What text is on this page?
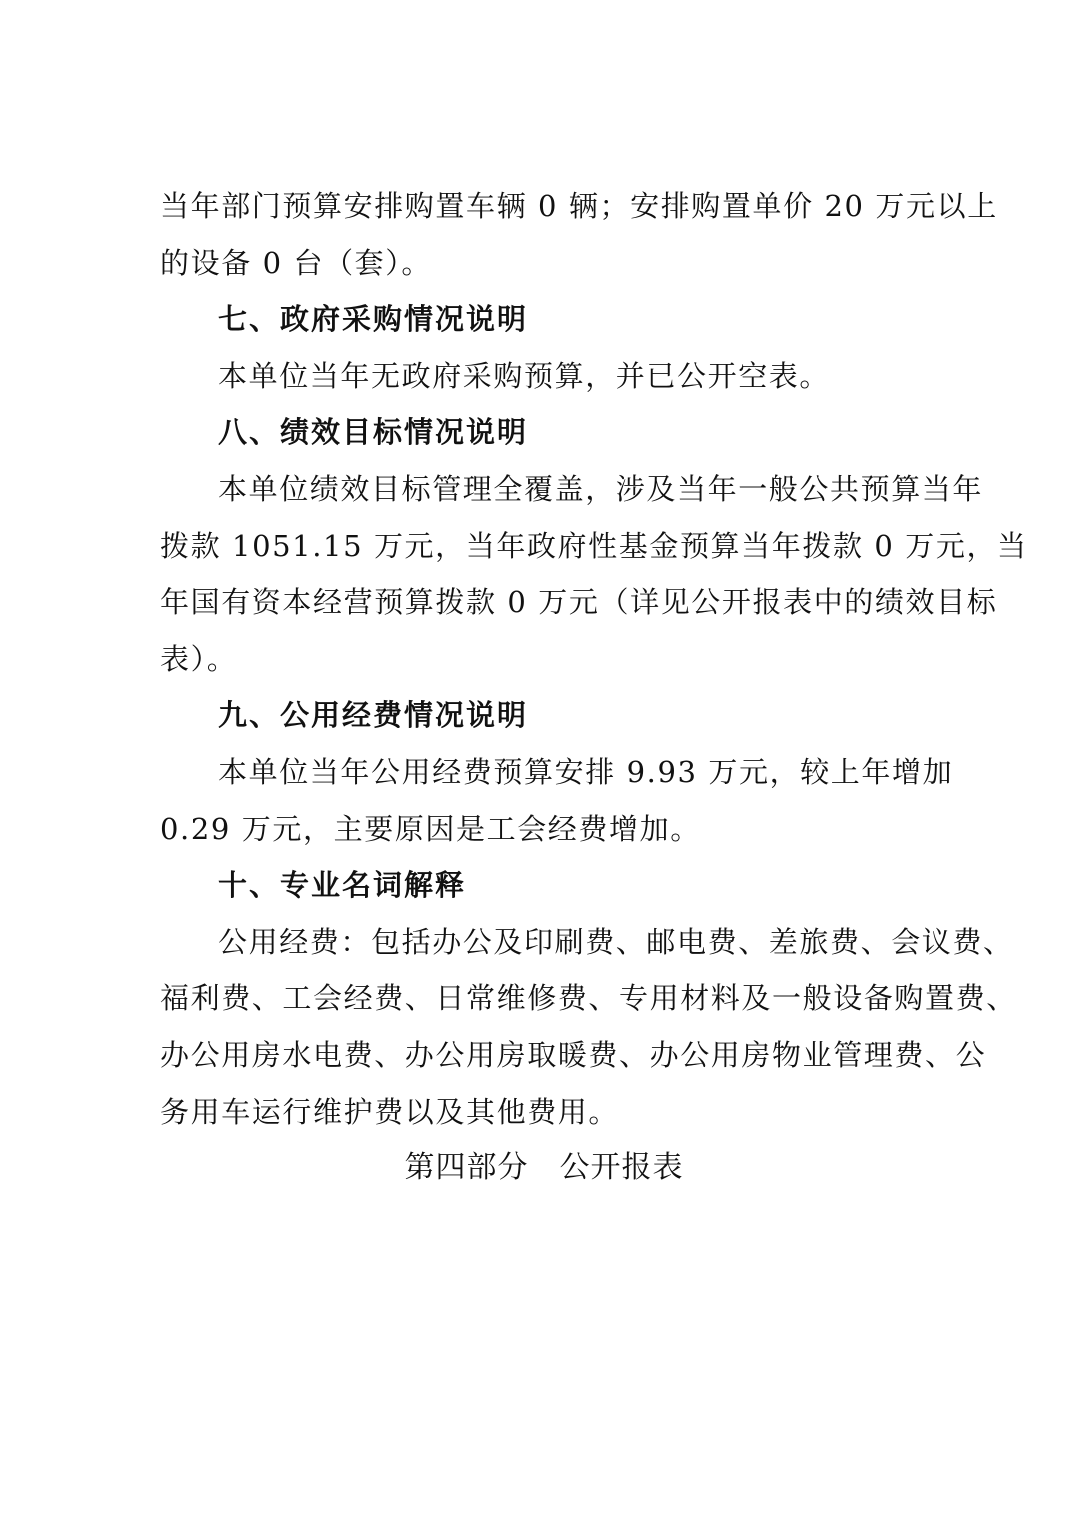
当年部门预算安排购置车辆 0 辆；安排购置单价 20 万元以上
的设备 0 台（套）。
七、政府采购情况说明
本单位当年无政府采购预算，并已公开空表。
八、绩效目标情况说明
本单位绩效目标管理全覆盖，涉及当年一般公共预算当年
拨款 1051.15 万元，当年政府性基金预算当年拨款 0 万元，当
年国有资本经营预算拨款 0 万元（详见公开报表中的绩效目标
表）。
九、公用经费情况说明
本单位当年公用经费预算安排 9.93 万元，较上年增加
0.29 万元，主要原因是工会经费增加。
十、专业名词解释
公用经费：包括办公及印刷费、邮电费、差旅费、会议费、
福利费、工会经费、日常维修费、专用材料及一般设备购置费、
办公用房水电费、办公用房取暖费、办公用房物业管理费、公
务用车运行维护费以及其他费用。
第四部分　公开报表
